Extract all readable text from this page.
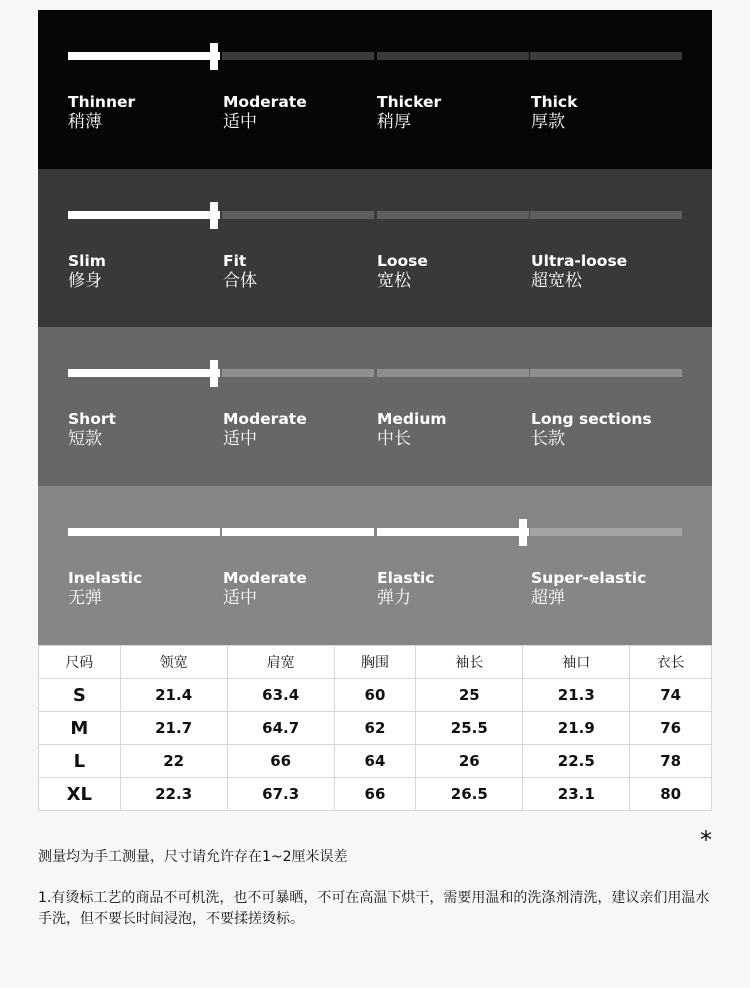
Thinner
稍薄
Moderate
适中
Thicker
稍厚
Thick
厚款
Slim
修身
Fit
合体
Loose
宽松
Ultra-loose
超宽松
Short
短款
Moderate
适中
Medium
中长
Long sections
长款
Inelastic
无弹
Moderate
适中
Elastic
弹力
Super-elastic
超弹
尺码	领宽	肩宽	胸围	袖长	袖口	衣长
S	21.4	63.4	60	25	21.3	74
M	21.7	64.7	62	25.5	21.9	76
L	22	66	64	26	22.5	78
XL	22.3	67.3	66	26.5	23.1	80
*
测量均为手工测量，尺寸请允许存在1~2厘米误差
1.有烫标工艺的商品不可机洗，也不可暴晒，不可在高温下烘干，需要用温和的洗涤剂清洗，建议亲们用温水手洗，但不要长时间浸泡，不要揉搓烫标。
